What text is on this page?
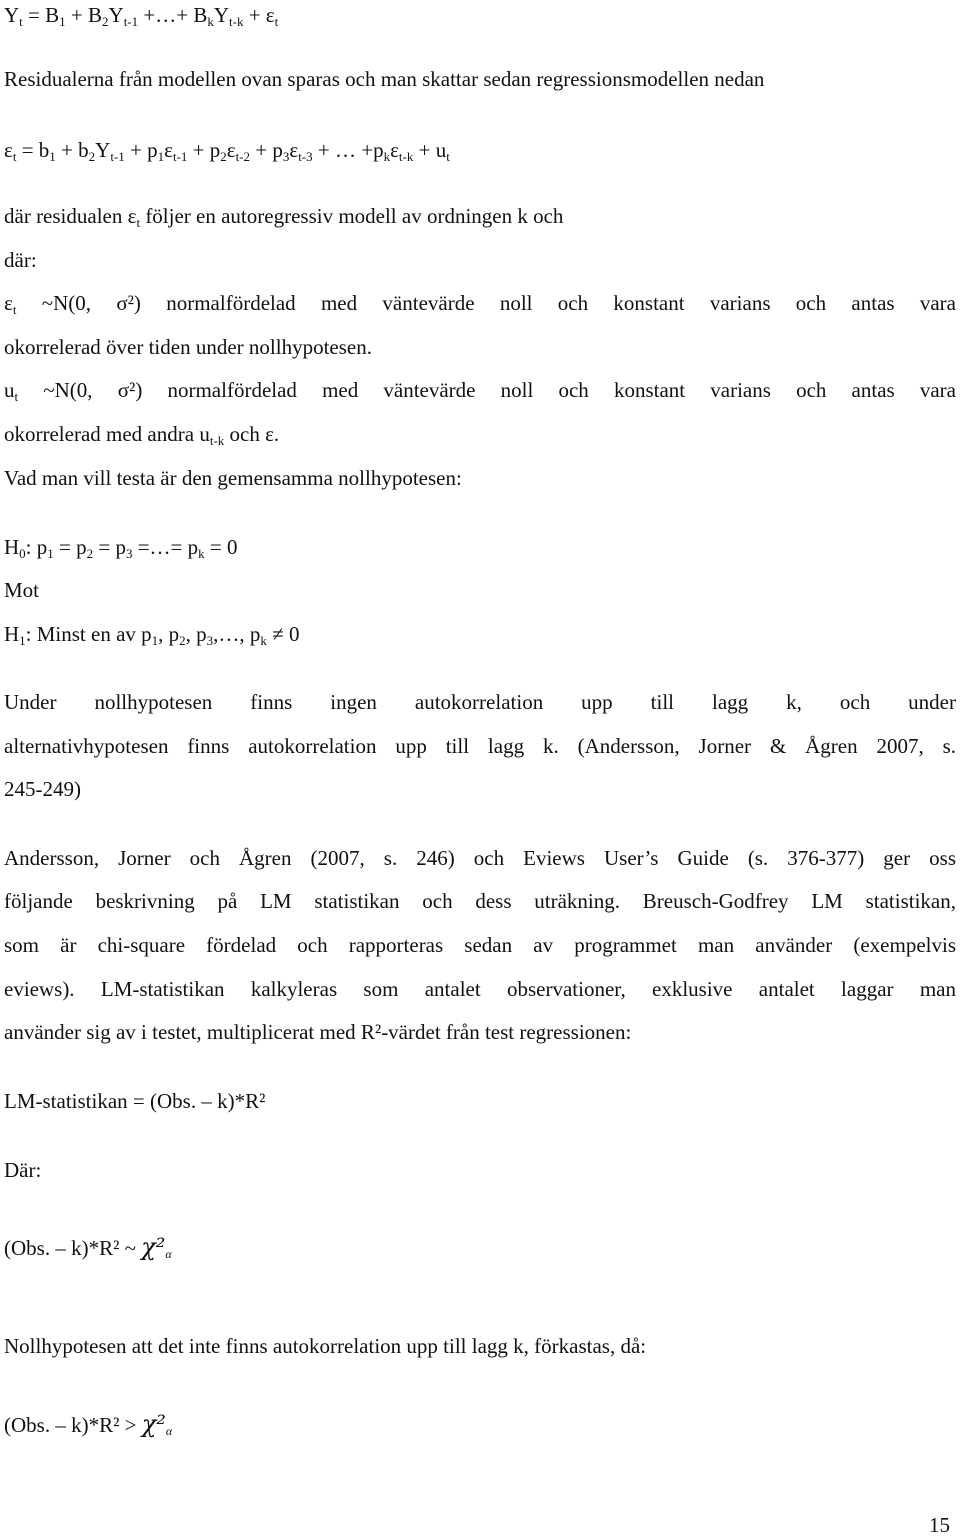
$Y_t = B_1 + B_2Y_{t-1}$ +…+ $B_kY_{t-k} + \varepsilon_t$
Residualerna från modellen ovan sparas och man skattar sedan regressionsmodellen nedan
$\varepsilon_t = b_1 + b_2Y_{t-1} + p_1\varepsilon_{t-1} + p_2\varepsilon_{t-2} + p_3\varepsilon_{t-3}$ + … $+p_k\varepsilon_{t-k} + u_t$
där residualen $\varepsilon_t$ följer en autoregressiv modell av ordningen k och
där:
$\varepsilon_t$ ~N(0, σ²) normalfördelad med väntevärde noll och konstant varians och antas vara
okorrelerad över tiden under nollhypotesen.
$u_t$ ~N(0, σ²) normalfördelad med väntevärde noll och konstant varians och antas vara
okorrelerad med andra $u_{t-k}$ och ε.
Vad man vill testa är den gemensamma nollhypotesen:
$H_0$: $p_1 = p_2 = p_3$ =…= $p_k = 0$
Mot
$H_1$: Minst en av $p_1$, $p_2$, $p_3,\dots$, $p_k \ne 0$
Under nollhypotesen finns ingen autokorrelation upp till lagg k, och under
alternativhypotesen finns autokorrelation upp till lagg k. (Andersson, Jorner & Ågren 2007, s.
245-249)
Andersson, Jorner och Ågren (2007, s. 246) och Eviews User’s Guide (s. 376-377) ger oss
följande beskrivning på LM statistikan och dess uträkning. Breusch-Godfrey LM statistikan,
som är chi-square fördelad och rapporteras sedan av programmet man använder (exempelvis
eviews). LM-statistikan kalkyleras som antalet observationer, exklusive antalet laggar man
använder sig av i testet, multiplicerat med R²-värdet från test regressionen:
LM-statistikan = (Obs. – k)*R²
Där:
(Obs. – k)*R² ~ χ²α
Nollhypotesen att det inte finns autokorrelation upp till lagg k, förkastas, då:
(Obs. – k)*R² > χ²α
15
